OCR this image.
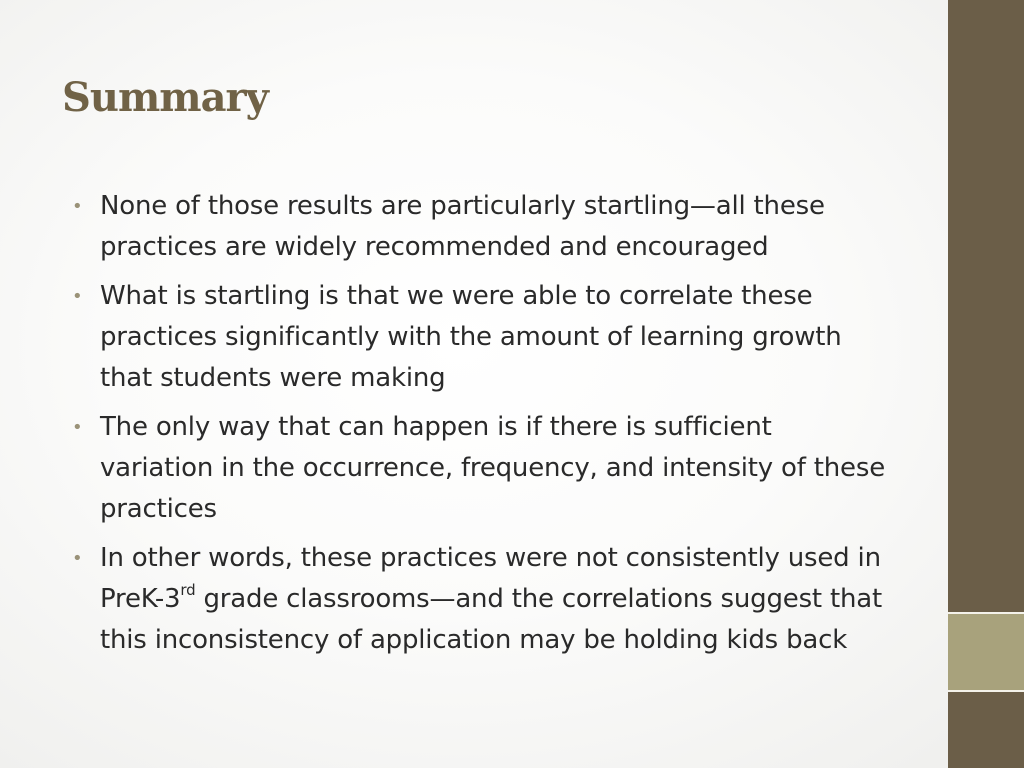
Summary
• None of those results are particularly startling—all these practices are widely recommended and encouraged
• What is startling is that we were able to correlate these practices significantly with the amount of learning growth that students were making
• The only way that can happen is if there is sufficient variation in the occurrence, frequency, and intensity of these practices
• In other words, these practices were not consistently used in PreK-3rd grade classrooms—and the correlations suggest that this inconsistency of application may be holding kids back
